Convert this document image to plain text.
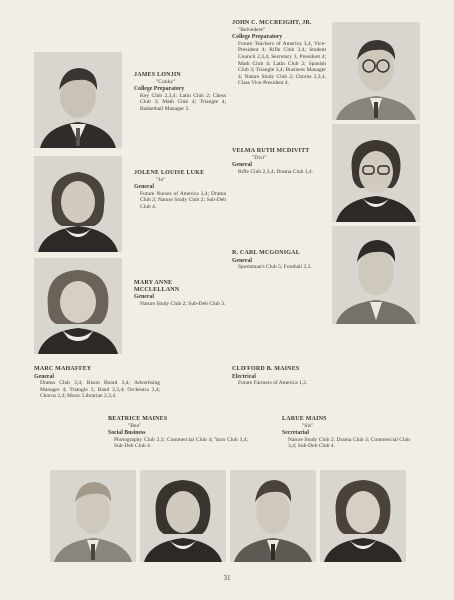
JOHN C. MCCREIGHT, JR.
"Belvedere"
College Preparatory
Future Teachers of America 3,4, Vice-President 4; Rifle Club 3,4; Student Council 2,3,4, Secretary 3, President 4; Math Club 4; Latin Club 2; Spanish Club 3; Triangle 3,4; Business Manager 4; Nature Study Club 2; Chorus 2,3,4, Class Vice-President 4.
JAMES LONJIN
"Conky"
College Preparatory
Key Club 2,3,4; Latin Club 2; Chess Club 3; Math Club 4; Triangle 4; Basketball Manager 2.
VELMA RUTH MCDIVITT
"Divi"
General
Rifle Club 2,3,4; Drama Club 3,4.
JOLENE LOUISE LUKE
"Jo"
General
Future Nurses of America 3,4; Drama Club 2; Nature Study Club 2; Sub-Deb Club 4.
R. CARL MCGONIGAL
General
Sportsman's Club 5; Football 2,3.
MARY ANNE MCCLELLANN
General
Nature Study Club 2; Sub-Deb Club 3.
MARC MAHAFFEY
General
Drama Club 3,4; Bison Board 3,4; Advertising Manager 4; Triangle 3; Band 2,3,4; Orchestra 3,4; Chorus 2,4; Music Librarian 2,3,4.
CLIFFORD B. MAINES
Electrical
Future Farmers of America 1,2.
BEATRICE MAINES
"Bea"
Social Business
Photography Club 2,3; Commercial Club 4; Yarn Club 3,4; Sub-Deb Club 4.
LARUE MAINS
"Sis"
Secretarial
Nature Study Club 2; Drama Club 3; Commercial Club 3,4; Sub-Deb Club 4.
31
